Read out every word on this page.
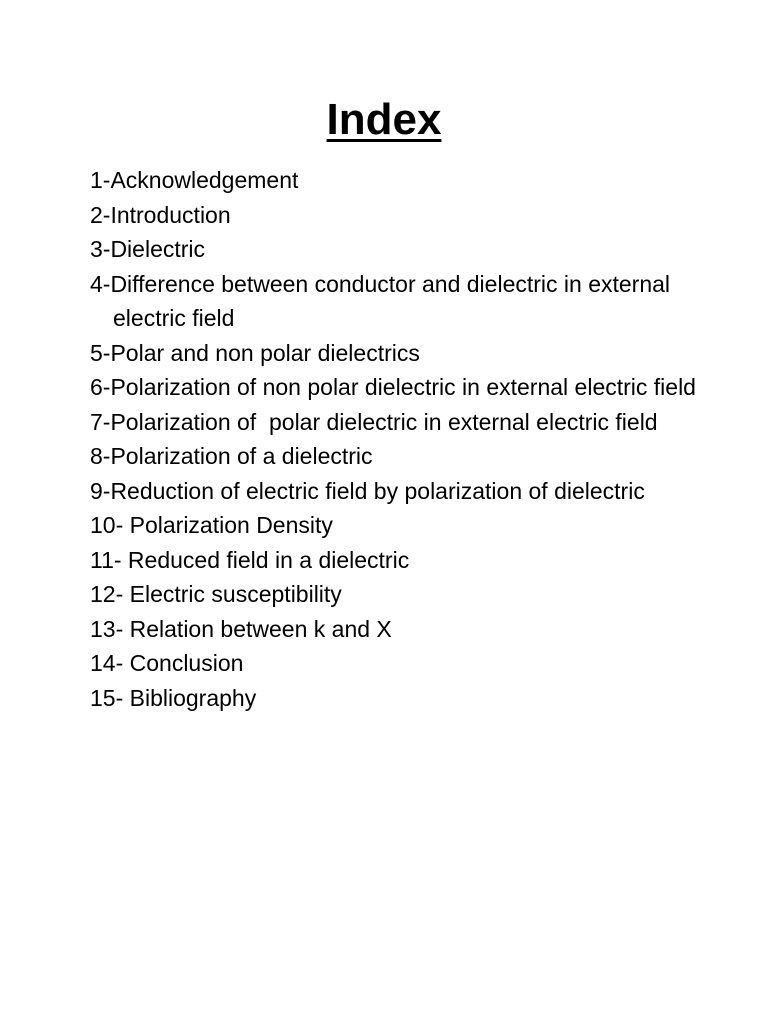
Index
1-Acknowledgement
2-Introduction
3-Dielectric
4-Difference between conductor and dielectric in external electric field
5-Polar and non polar dielectrics
6-Polarization of non polar dielectric in external electric field
7-Polarization of  polar dielectric in external electric field
8-Polarization of a dielectric
9-Reduction of electric field by polarization of dielectric
10- Polarization Density
11- Reduced field in a dielectric
12- Electric susceptibility
13- Relation between k and X
14- Conclusion
15- Bibliography
